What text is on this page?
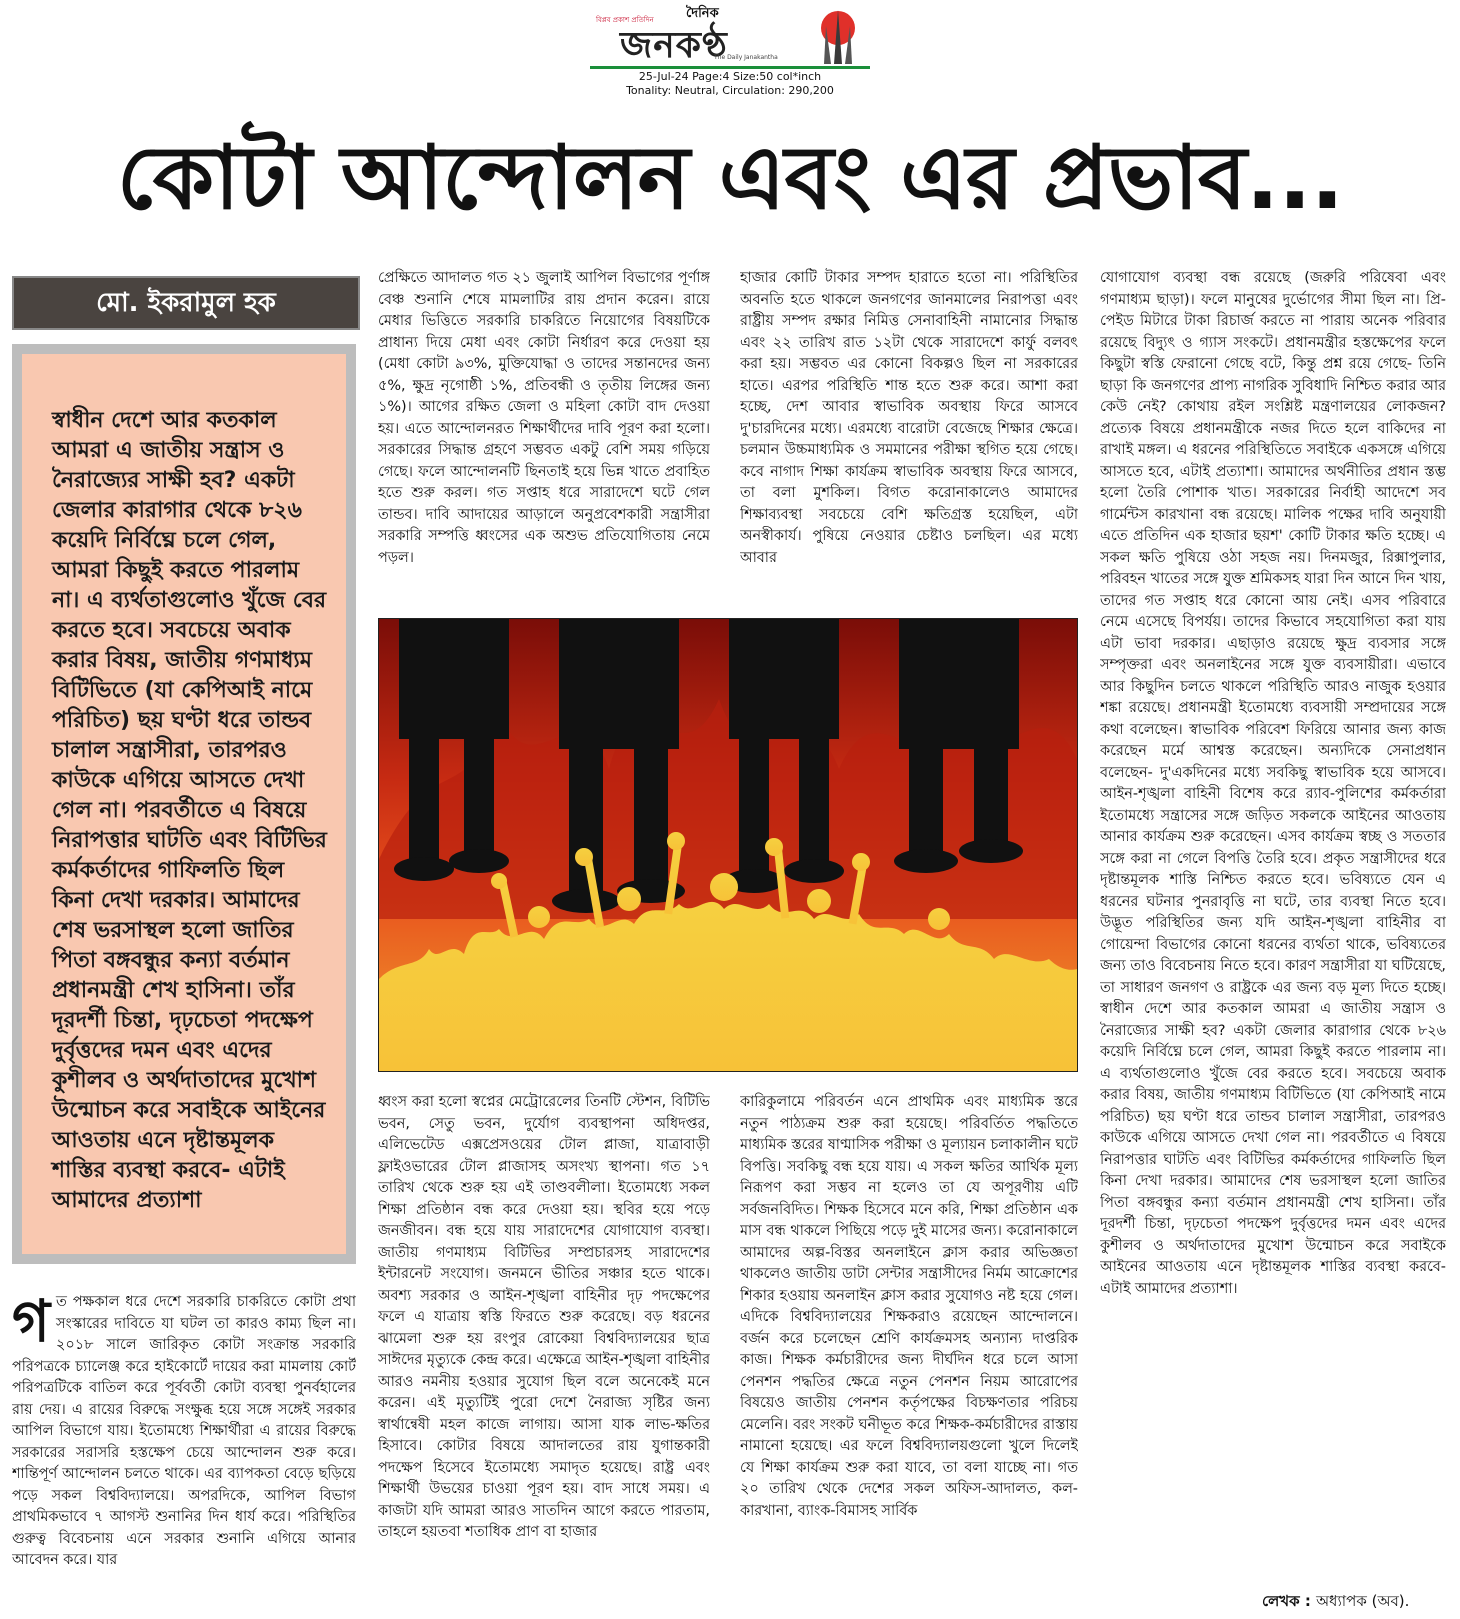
বিপ্লব প্রকাশ প্রতিদিন দৈনিক
জনকণ্ঠ
The Daily Janakantha
25-Jul-24 Page:4 Size:50 col*inch
Tonality: Neutral, Circulation: 290,200
কোটা আন্দোলন এবং এর প্রভাব...
মো. ইকরামুল হক
স্বাধীন দেশে আর কতকাল আমরা এ জাতীয় সন্ত্রাস ও নৈরাজ্যের সাক্ষী হব? একটা জেলার কারাগার থেকে ৮২৬ কয়েদি নির্বিঘ্নে চলে গেল, আমরা কিছুই করতে পারলাম না। এ ব্যর্থতাগুলোও খুঁজে বের করতে হবে। সবচেয়ে অবাক করার বিষয়, জাতীয় গণমাধ্যম বিটিভিতে (যা কেপিআই নামে পরিচিত) ছয় ঘণ্টা ধরে তান্ডব চালাল সন্ত্রাসীরা, তারপরও কাউকে এগিয়ে আসতে দেখা গেল না। পরবর্তীতে এ বিষয়ে নিরাপত্তার ঘাটতি এবং বিটিভির কর্মকর্তাদের গাফিলতি ছিল কিনা দেখা দরকার। আমাদের শেষ ভরসাস্থল হলো জাতির পিতা বঙ্গবন্ধুর কন্যা বর্তমান প্রধানমন্ত্রী শেখ হাসিনা। তাঁর দূরদর্শী চিন্তা, দৃঢ়চেতা পদক্ষেপ দুর্বৃত্তদের দমন এবং এদের কুশীলব ও অর্থদাতাদের মুখোশ উন্মোচন করে সবাইকে আইনের আওতায় এনে দৃষ্টান্তমূলক শাস্তির ব্যবস্থা করবে- এটাই আমাদের প্রত্যাশা
গ ত পক্ষকাল ধরে দেশে সরকারি চাকরিতে কোটা প্রথা সংস্কারের দাবিতে যা ঘটল তা কারও কাম্য ছিল না। ২০১৮ সালে জারিকৃত কোটা সংক্রান্ত সরকারি পরিপত্রকে চ্যালেঞ্জ করে হাইকোর্টে দায়ের করা মামলায় কোর্ট পরিপত্রটিকে বাতিল করে পূর্ববর্তী কোটা ব্যবস্থা পুনর্বহালের রায় দেয়। এ রায়ের বিরুদ্ধে সংক্ষুব্ধ হয়ে সঙ্গে সঙ্গেই সরকার আপিল বিভাগে যায়। ইতোমধ্যে শিক্ষার্থীরা এ রায়ের বিরুদ্ধে সরকারের সরাসরি হস্তক্ষেপ চেয়ে আন্দোলন শুরু করে। শান্তিপূর্ণ আন্দোলন চলতে থাকে। এর ব্যাপকতা বেড়ে ছড়িয়ে পড়ে সকল বিশ্ববিদ্যালয়ে। অপরদিকে, আপিল বিভাগ প্রাথমিকভাবে ৭ আগস্ট শুনানির দিন ধার্য করে। পরিস্থিতির গুরুত্ব বিবেচনায় এনে সরকার শুনানি এগিয়ে আনার আবেদন করে। যার

প্রেক্ষিতে আদালত গত ২১ জুলাই আপিল বিভাগের পূর্ণাঙ্গ বেঞ্চ শুনানি শেষে মামলাটির রায় প্রদান করেন। রায়ে মেধার ভিত্তিতে সরকারি চাকরিতে নিয়োগের বিষয়টিকে প্রাধান্য দিয়ে মেধা এবং কোটা নির্ধারণ করে দেওয়া হয় (মেধা কোটা ৯৩%, মুক্তিযোদ্ধা ও তাদের সন্তানদের জন্য ৫%, ক্ষুদ্র নৃগোষ্ঠী ১%, প্রতিবন্ধী ও তৃতীয় লিঙ্গের জন্য ১%)। আগের রক্ষিত জেলা ও মহিলা কোটা বাদ দেওয়া হয়। এতে আন্দোলনরত শিক্ষার্থীদের দাবি পূরণ করা হলো। সরকারের সিদ্ধান্ত গ্রহণে সম্ভবত একটু বেশি সময় গড়িয়ে গেছে। ফলে আন্দোলনটি ছিনতাই হয়ে ভিন্ন খাতে প্রবাহিত হতে শুরু করল। গত সপ্তাহ ধরে সারাদেশে ঘটে গেল তান্ডব। দাবি আদায়ের আড়ালে অনুপ্রবেশকারী সন্ত্রাসীরা সরকারি সম্পত্তি ধ্বংসের এক অশুভ প্রতিযোগিতায় নেমে পড়ল।

হাজার কোটি টাকার সম্পদ হারাতে হতো না। পরিস্থিতির অবনতি হতে থাকলে জনগণের জানমালের নিরাপত্তা এবং রাষ্ট্রীয় সম্পদ রক্ষার নিমিত্ত সেনাবাহিনী নামানোর সিদ্ধান্ত এবং ২২ তারিখ রাত ১২টা থেকে সারাদেশে কার্ফু বলবৎ করা হয়। সম্ভবত এর কোনো বিকল্পও ছিল না সরকারের হাতে। এরপর পরিস্থিতি শান্ত হতে শুরু করে। আশা করা হচ্ছে, দেশ আবার স্বাভাবিক অবস্থায় ফিরে আসবে দু'চারদিনের মধ্যে। এরমধ্যে বারোটা বেজেছে শিক্ষার ক্ষেত্রে। চলমান উচ্চমাধ্যমিক ও সমমানের পরীক্ষা স্থগিত হয়ে গেছে। কবে নাগাদ শিক্ষা কার্যক্রম স্বাভাবিক অবস্থায় ফিরে আসবে, তা বলা মুশকিল। বিগত করোনাকালেও আমাদের শিক্ষাব্যবস্থা সবচেয়ে বেশি ক্ষতিগ্রস্ত হয়েছিল, এটা অনস্বীকার্য। পুষিয়ে নেওয়ার চেষ্টাও চলছিল। এর মধ্যে আবার

ধ্বংস করা হলো স্বপ্নের মেট্রোরেলের তিনটি স্টেশন, বিটিভি ভবন, সেতু ভবন, দুর্যোগ ব্যবস্থাপনা অধিদপ্তর, এলিভেটেড এক্সপ্রেসওয়ের টোল প্লাজা, যাত্রাবাড়ী ফ্লাইওভারের টোল প্লাজাসহ অসংখ্য স্থাপনা। গত ১৭ তারিখ থেকে শুরু হয় এই তাণ্ডবলীলা। ইতোমধ্যে সকল শিক্ষা প্রতিষ্ঠান বন্ধ করে দেওয়া হয়। স্থবির হয়ে পড়ে জনজীবন। বন্ধ হয়ে যায় সারাদেশের যোগাযোগ ব্যবস্থা। জাতীয় গণমাধ্যম বিটিভির সম্প্রচারসহ সারাদেশের ইন্টারনেট সংযোগ। জনমনে ভীতির সঞ্চার হতে থাকে। অবশ্য সরকার ও আইন-শৃঙ্খলা বাহিনীর দৃঢ় পদক্ষেপের ফলে এ যাত্রায় স্বস্তি ফিরতে শুরু করেছে। বড় ধরনের ঝামেলা শুরু হয় রংপুর রোকেয়া বিশ্ববিদ্যালয়ের ছাত্র সাঈদের মৃত্যুকে কেন্দ্র করে। এক্ষেত্রে আইন-শৃঙ্খলা বাহিনীর আরও নমনীয় হওয়ার সুযোগ ছিল বলে অনেকেই মনে করেন। এই মৃত্যুটিই পুরো দেশে নৈরাজ্য সৃষ্টির জন্য স্বার্থান্বেষী মহল কাজে লাগায়। আসা যাক লাভ-ক্ষতির হিসাবে। কোটার বিষয়ে আদালতের রায় যুগান্তকারী পদক্ষেপ হিসেবে ইতোমধ্যে সমাদৃত হয়েছে। রাষ্ট্র এবং শিক্ষার্থী উভয়ের চাওয়া পূরণ হয়। বাদ সাধে সময়। এ কাজটা যদি আমরা আরও সাতদিন আগে করতে পারতাম, তাহলে হয়তবা শতাধিক প্রাণ বা হাজার

কারিকুলামে পরিবর্তন এনে প্রাথমিক এবং মাধ্যমিক স্তরে নতুন পাঠ্যক্রম শুরু করা হয়েছে। পরিবর্তিত পদ্ধতিতে মাধ্যমিক স্তরের ষাণ্মাসিক পরীক্ষা ও মূল্যায়ন চলাকালীন ঘটে বিপত্তি। সবকিছু বন্ধ হয়ে যায়। এ সকল ক্ষতির আর্থিক মূল্য নিরূপণ করা সম্ভব না হলেও তা যে অপূরণীয় এটি সর্বজনবিদিত। শিক্ষক হিসেবে মনে করি, শিক্ষা প্রতিষ্ঠান এক মাস বন্ধ থাকলে পিছিয়ে পড়ে দুই মাসের জন্য। করোনাকালে আমাদের অল্প-বিস্তর অনলাইনে ক্লাস করার অভিজ্ঞতা থাকলেও জাতীয় ডাটা সেন্টার সন্ত্রাসীদের নির্মম আক্রোশের শিকার হওয়ায় অনলাইন ক্লাস করার সুযোগও নষ্ট হয়ে গেল। এদিকে বিশ্ববিদ্যালয়ের শিক্ষকরাও রয়েছেন আন্দোলনে। বর্জন করে চলেছেন শ্রেণি কার্যক্রমসহ অন্যান্য দাপ্তরিক কাজ। শিক্ষক কর্মচারীদের জন্য দীর্ঘদিন ধরে চলে আসা পেনশন পদ্ধতির ক্ষেত্রে নতুন পেনশন নিয়ম আরোপের বিষয়েও জাতীয় পেনশন কর্তৃপক্ষের বিচক্ষণতার পরিচয় মেলেনি। বরং সংকট ঘনীভূত করে শিক্ষক-কর্মচারীদের রাস্তায় নামানো হয়েছে। এর ফলে বিশ্ববিদ্যালয়গুলো খুলে দিলেই যে শিক্ষা কার্যক্রম শুরু করা যাবে, তা বলা যাচ্ছে না। গত ২০ তারিখ থেকে দেশের সকল অফিস-আদালত, কল-কারখানা, ব্যাংক-বিমাসহ সার্বিক

যোগাযোগ ব্যবস্থা বন্ধ রয়েছে (জরুরি পরিষেবা এবং গণমাধ্যম ছাড়া)। ফলে মানুষের দুর্ভোগের সীমা ছিল না। প্রি-পেইড মিটারে টাকা রিচার্জ করতে না পারায় অনেক পরিবার রয়েছে বিদ্যুৎ ও গ্যাস সংকটে। প্রধানমন্ত্রীর হস্তক্ষেপের ফলে কিছুটা স্বস্তি ফেরানো গেছে বটে, কিন্তু প্রশ্ন রয়ে গেছে- তিনি ছাড়া কি জনগণের প্রাপ্য নাগরিক সুবিধাদি নিশ্চিত করার আর কেউ নেই? কোথায় রইল সংশ্লিষ্ট মন্ত্রণালয়ের লোকজন? প্রত্যেক বিষয়ে প্রধানমন্ত্রীকে নজর দিতে হলে বাকিদের না রাখাই মঙ্গল। এ ধরনের পরিস্থিতিতে সবাইকে একসঙ্গে এগিয়ে আসতে হবে, এটাই প্রত্যাশা। আমাদের অর্থনীতির প্রধান স্তম্ভ হলো তৈরি পোশাক খাত। সরকারের নির্বাহী আদেশে সব গার্মেন্টস কারখানা বন্ধ রয়েছে। মালিক পক্ষের দাবি অনুযায়ী এতে প্রতিদিন এক হাজার ছয়শ' কোটি টাকার ক্ষতি হচ্ছে। এ সকল ক্ষতি পুষিয়ে ওঠা সহজ নয়। দিনমজুর, রিক্সাপুলার, পরিবহন খাতের সঙ্গে যুক্ত শ্রমিকসহ যারা দিন আনে দিন খায়, তাদের গত সপ্তাহ ধরে কোনো আয় নেই। এসব পরিবারে নেমে এসেছে বিপর্যয়। তাদের কিভাবে সহযোগিতা করা যায় এটা ভাবা দরকার। এছাড়াও রয়েছে ক্ষুদ্র ব্যবসার সঙ্গে সম্পৃক্তরা এবং অনলাইনের সঙ্গে যুক্ত ব্যবসায়ীরা। এভাবে আর কিছুদিন চলতে থাকলে পরিস্থিতি আরও নাজুক হওয়ার শঙ্কা রয়েছে। প্রধানমন্ত্রী ইতোমধ্যে ব্যবসায়ী সম্প্রদায়ের সঙ্গে কথা বলেছেন। স্বাভাবিক পরিবেশ ফিরিয়ে আনার জন্য কাজ করেছেন মর্মে আশ্বস্ত করেছেন। অন্যদিকে সেনাপ্রধান বলেছেন- দু'একদিনের মধ্যে সবকিছু স্বাভাবিক হয়ে আসবে। আইন-শৃঙ্খলা বাহিনী বিশেষ করে র‌্যাব-পুলিশের কর্মকর্তারা ইতোমধ্যে সন্ত্রাসের সঙ্গে জড়িত সকলকে আইনের আওতায় আনার কার্যক্রম শুরু করেছেন। এসব কার্যক্রম স্বচ্ছ ও সততার সঙ্গে করা না গেলে বিপত্তি তৈরি হবে। প্রকৃত সন্ত্রাসীদের ধরে দৃষ্টান্তমূলক শাস্তি নিশ্চিত করতে হবে। ভবিষ্যতে যেন এ ধরনের ঘটনার পুনরাবৃত্তি না ঘটে, তার ব্যবস্থা নিতে হবে। উদ্ভূত পরিস্থিতির জন্য যদি আইন-শৃঙ্খলা বাহিনীর বা গোয়েন্দা বিভাগের কোনো ধরনের ব্যর্থতা থাকে, ভবিষ্যতের জন্য তাও বিবেচনায় নিতে হবে। কারণ সন্ত্রাসীরা যা ঘটিয়েছে, তা সাধারণ জনগণ ও রাষ্ট্রকে এর জন্য বড় মূল্য দিতে হচ্ছে। স্বাধীন দেশে আর কতকাল আমরা এ জাতীয় সন্ত্রাস ও নৈরাজ্যের সাক্ষী হব? একটা জেলার কারাগার থেকে ৮২৬ কয়েদি নির্বিঘ্নে চলে গেল, আমরা কিছুই করতে পারলাম না। এ ব্যর্থতাগুলোও খুঁজে বের করতে হবে। সবচেয়ে অবাক করার বিষয়, জাতীয় গণমাধ্যম বিটিভিতে (যা কেপিআই নামে পরিচিত) ছয় ঘণ্টা ধরে তান্ডব চালাল সন্ত্রাসীরা, তারপরও কাউকে এগিয়ে আসতে দেখা গেল না। পরবর্তীতে এ বিষয়ে নিরাপত্তার ঘাটতি এবং বিটিভির কর্মকর্তাদের গাফিলতি ছিল কিনা দেখা দরকার। আমাদের শেষ ভরসাস্থল হলো জাতির পিতা বঙ্গবন্ধুর কন্যা বর্তমান প্রধানমন্ত্রী শেখ হাসিনা। তাঁর দূরদর্শী চিন্তা, দৃঢ়চেতা পদক্ষেপ দুর্বৃত্তদের দমন এবং এদের কুশীলব ও অর্থদাতাদের মুখোশ উন্মোচন করে সবাইকে আইনের আওতায় এনে দৃষ্টান্তমূলক শাস্তির ব্যবস্থা করবে- এটাই আমাদের প্রত্যাশা।

লেখক : অধ্যাপক (অব).
